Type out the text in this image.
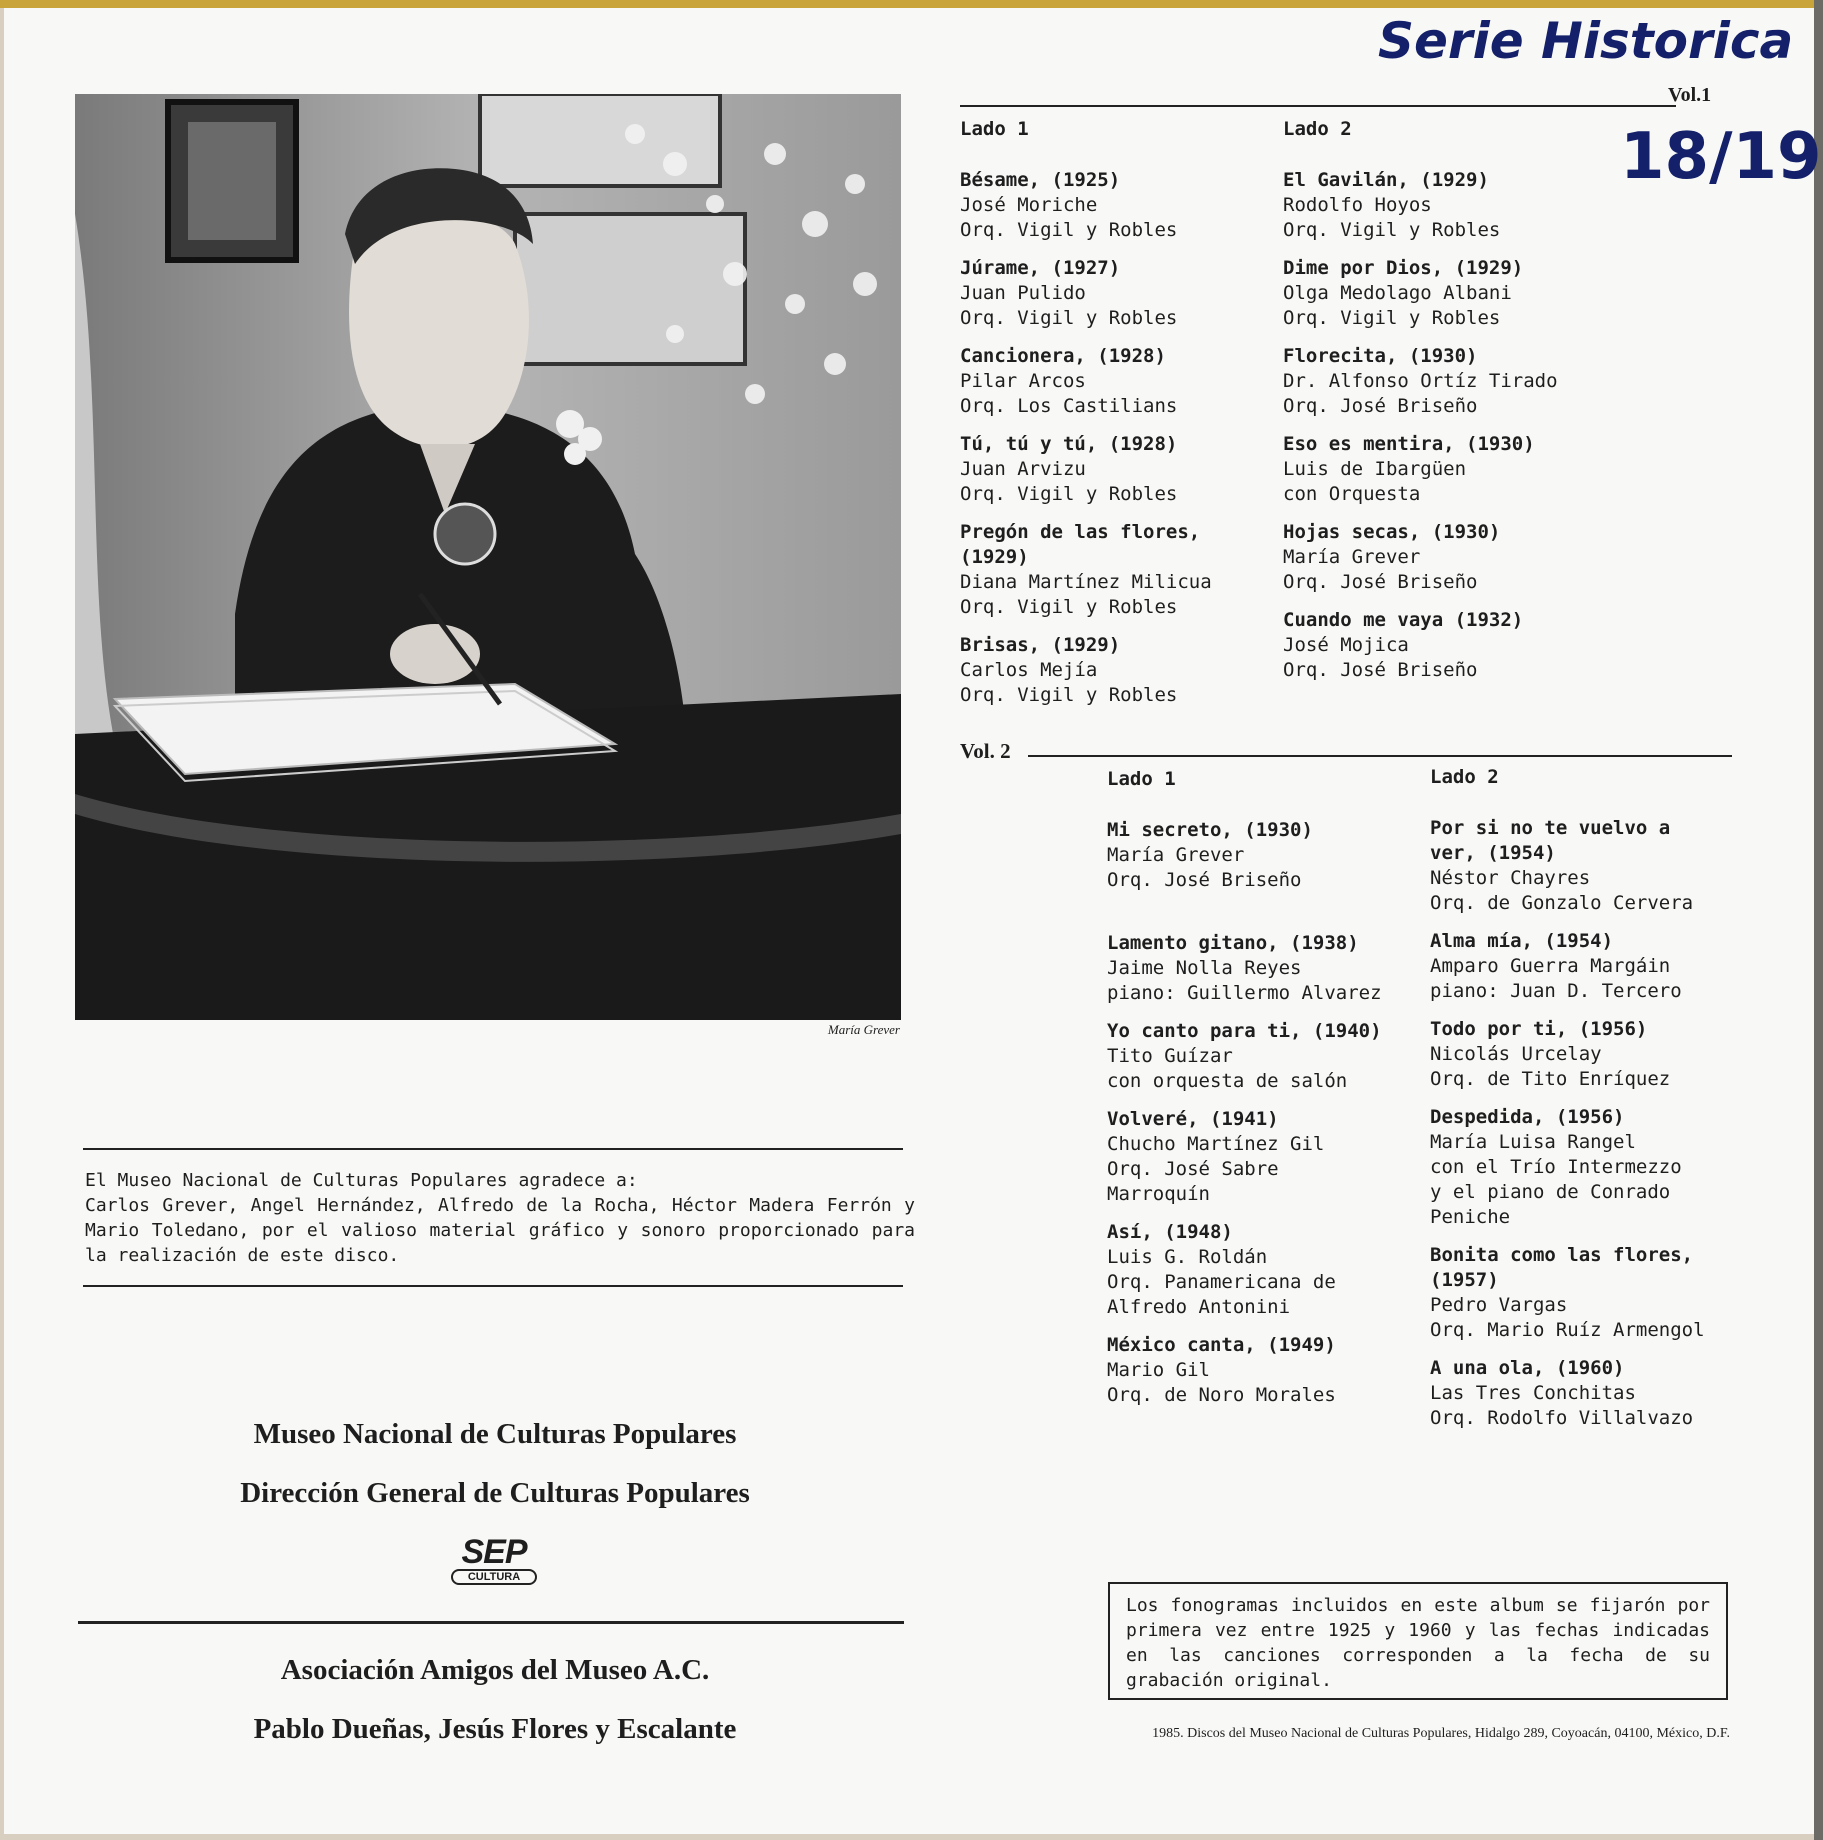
Serie Historica
18/19
María Grever
Vol.1
Lado 1	Lado 2
Bésame, (1925)
José Moriche
Orq. Vigil y Robles
Júrame, (1927)
Juan Pulido
Orq. Vigil y Robles
Cancionera, (1928)
Pilar Arcos
Orq. Los Castilians
Tú, tú y tú, (1928)
Juan Arvizu
Orq. Vigil y Robles
Pregón de las flores, (1929)
Diana Martínez Milicua
Orq. Vigil y Robles
Brisas, (1929)
Carlos Mejía
Orq. Vigil y Robles
El Gavilán, (1929)
Rodolfo Hoyos
Orq. Vigil y Robles
Dime por Dios, (1929)
Olga Medolago Albani
Orq. Vigil y Robles
Florecita, (1930)
Dr. Alfonso Ortíz Tirado
Orq. José Briseño
Eso es mentira, (1930)
Luis de Ibargüen
con Orquesta
Hojas secas, (1930)
María Grever
Orq. José Briseño
Cuando me vaya (1932)
José Mojica
Orq. José Briseño
Vol. 2
Lado 1	Lado 2
Mi secreto, (1930)
María Grever
Orq. José Briseño
Lamento gitano, (1938)
Jaime Nolla Reyes
piano: Guillermo Alvarez
Yo canto para ti, (1940)
Tito Guízar
con orquesta de salón
Volveré, (1941)
Chucho Martínez Gil
Orq. José Sabre
Marroquín
Así, (1948)
Luis G. Roldán
Orq. Panamericana de
Alfredo Antonini
México canta, (1949)
Mario Gil
Orq. de Noro Morales
Por si no te vuelvo a ver, (1954)
Néstor Chayres
Orq. de Gonzalo Cervera
Alma mía, (1954)
Amparo Guerra Margáin
piano: Juan D. Tercero
Todo por ti, (1956)
Nicolás Urcelay
Orq. de Tito Enríquez
Despedida, (1956)
María Luisa Rangel
con el Trío Intermezzo
y el piano de Conrado
Peniche
Bonita como las flores, (1957)
Pedro Vargas
Orq. Mario Ruíz Armengol
A una ola, (1960)
Las Tres Conchitas
Orq. Rodolfo Villalvazo
El Museo Nacional de Culturas Populares agradece a:
Carlos Grever, Angel Hernández, Alfredo de la Rocha, Héctor Madera Ferrón y Mario Toledano, por el valioso material gráfico y sonoro proporcionado para la realización de este disco.
Museo Nacional de Culturas Populares
Dirección General de Culturas Populares
SEP
CULTURA
Asociación Amigos del Museo A.C.
Pablo Dueñas, Jesús Flores y Escalante
Los fonogramas incluidos en este album se fijarón por primera vez entre 1925 y 1960 y las fechas indicadas en las canciones corresponden a la fecha de su grabación original.
1985. Discos del Museo Nacional de Culturas Populares, Hidalgo 289, Coyoacán, 04100, México, D.F.
